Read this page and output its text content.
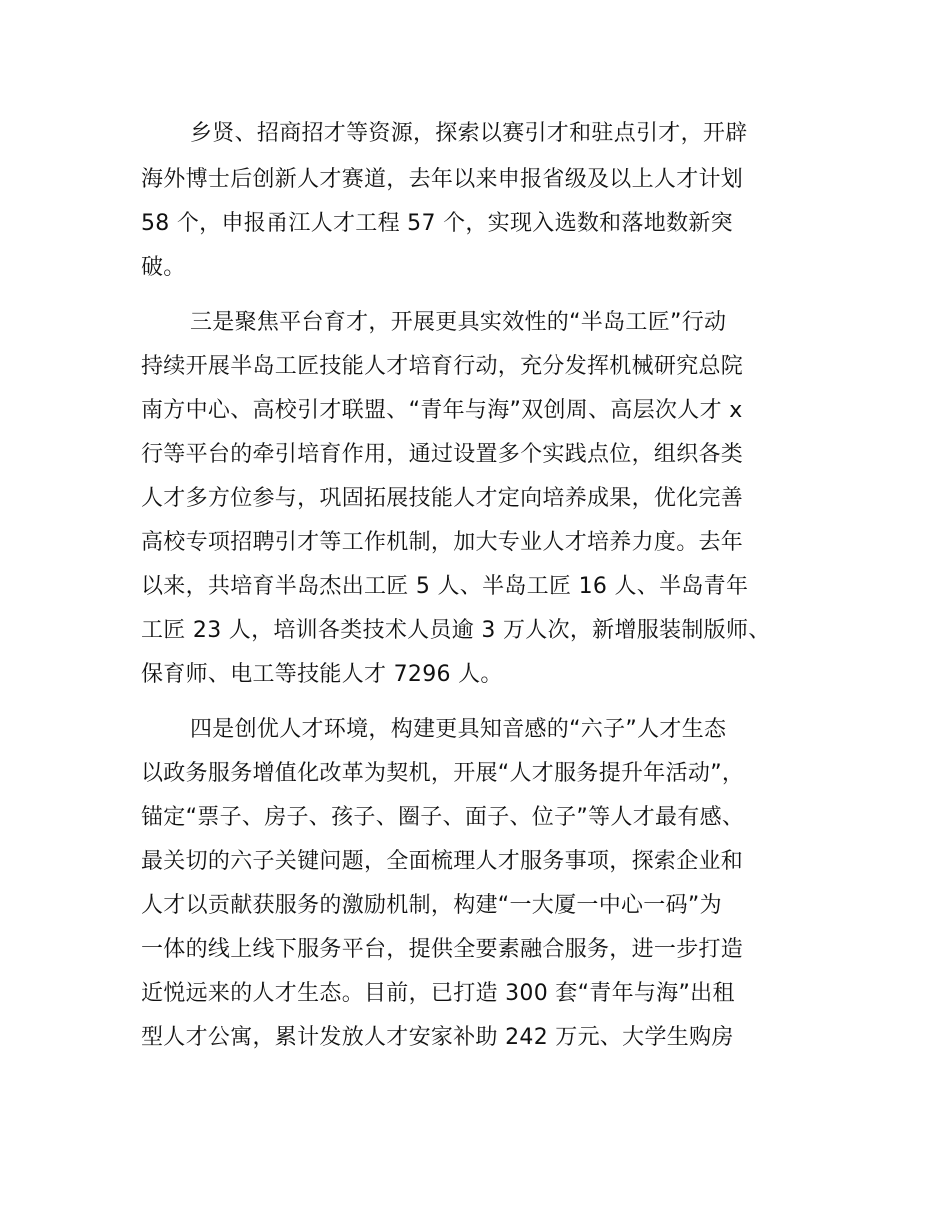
乡贤、招商招才等资源，探索以赛引才和驻点引才，开辟
海外博士后创新人才赛道，去年以来申报省级及以上人才计划
58 个，申报甬江人才工程 57 个，实现入选数和落地数新突
破。
三是聚焦平台育才，开展更具实效性的“半岛工匠”行动
持续开展半岛工匠技能人才培育行动，充分发挥机械研究总院
南方中心、高校引才联盟、“青年与海”双创周、高层次人才 x
行等平台的牵引培育作用，通过设置多个实践点位，组织各类
人才多方位参与，巩固拓展技能人才定向培养成果，优化完善
高校专项招聘引才等工作机制，加大专业人才培养力度。去年
以来，共培育半岛杰出工匠 5 人、半岛工匠 16 人、半岛青年
工匠 23 人，培训各类技术人员逾 3 万人次，新增服装制版师、
保育师、电工等技能人才 7296 人。
四是创优人才环境，构建更具知音感的“六子”人才生态
以政务服务增值化改革为契机，开展“人才服务提升年活动”，
锚定“票子、房子、孩子、圈子、面子、位子”等人才最有感、
最关切的六子关键问题，全面梳理人才服务事项，探索企业和
人才以贡献获服务的激励机制，构建“一大厦一中心一码”为
一体的线上线下服务平台，提供全要素融合服务，进一步打造
近悦远来的人才生态。目前，已打造 300 套“青年与海”出租
型人才公寓，累计发放人才安家补助 242 万元、大学生购房
